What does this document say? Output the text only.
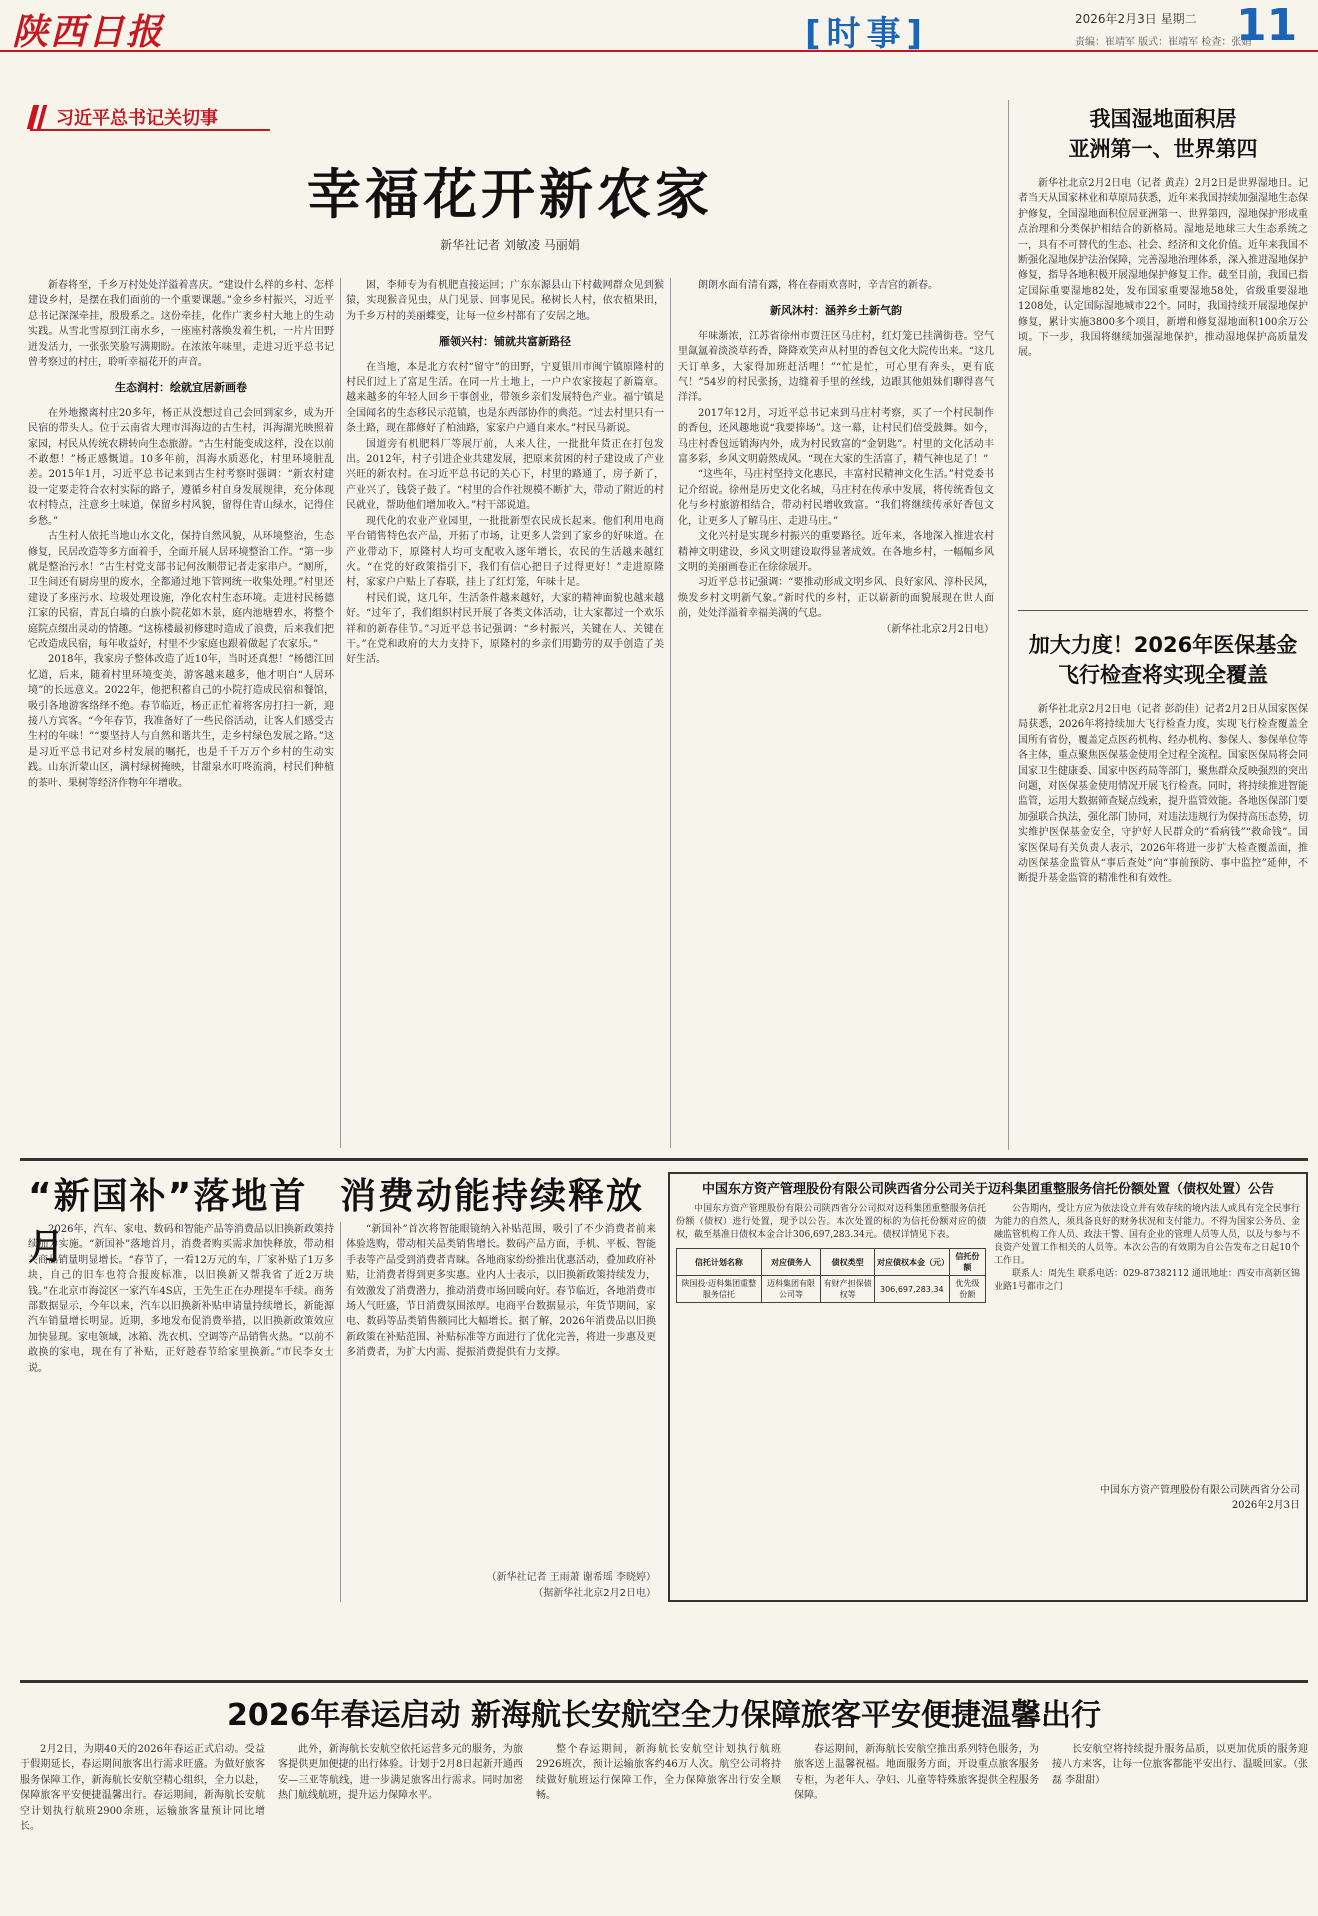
陕西日报	[时事]	2026年2月3日 星期二
责编：崔靖军 版式：崔靖军 检查：张娟
11
习近平总书记关切事
幸福花开新农家
新华社记者 刘敏凌 马丽娟

新春将至，千乡万村处处洋溢着喜庆。“建设什么样的乡村、怎样建设乡村，是摆在我们面前的一个重要课题。”金乡乡村振兴，习近平总书记深深牵挂，殷殷系之。这份牵挂，化作广袤乡村大地上的生动实践。从雪北雪原到江南水乡，一座座村落焕发着生机，一片片田野迸发活力，一张张笑脸写满期盼。在浓浓年味里，走进习近平总书记曾考察过的村庄，聆听幸福花开的声音。

生态润村：绘就宜居新画卷

在外地搬离村庄20多年，杨正从没想过自己会回到家乡，成为开民宿的带头人。位于云南省大理市洱海边的古生村，洱海湖光映照着家园，村民从传统农耕转向生态旅游。“古生村能变成这样，没在以前不敢想！”杨正感慨道。10多年前，洱海水质恶化，村里环境脏乱差。2015年1月，习近平总书记来到古生村考察时强调：“新农村建设一定要走符合农村实际的路子，遵循乡村自身发展规律，充分体现农村特点，注意乡土味道，保留乡村风貌，留得住青山绿水，记得住乡愁。”

古生村人依托当地山水文化，保持自然风貌，从环境整治，生态修复，民居改造等多方面着手，全面开展人居环境整治工作。“第一步就是整治污水！”古生村党支部书记何汝顺带记者走家串户。“厕所，卫生间还有厨房里的废水，全都通过地下管网统一收集处理。”村里还建设了多座污水、垃圾处理设施，净化农村生态环境。走进村民杨德江家的民宿，青瓦白墙的白族小院花如木景，庭内池塘碧水，将整个庭院点缀出灵动的情趣。“这栋楼最初修建时造成了浪费，后来我们把它改造成民宿，每年收益好，村里不少家庭也跟着做起了农家乐。”

2018年，我家房子整体改造了近10年，当时还真想！”杨德江回忆道，后来，随着村里环境变美，游客越来越多，他才明白“人居环境”的长远意义。2022年，他把积蓄自己的小院打造成民宿和餐馆，吸引各地游客络绎不绝。春节临近，杨正正忙着将客房打扫一新，迎接八方宾客。“今年春节，我准备好了一些民俗活动，让客人们感受古生村的年味！”“要坚持人与自然和谐共生，走乡村绿色发展之路。”这是习近平总书记对乡村发展的嘱托，也是千千万万个乡村的生动实践。山东沂蒙山区，满村绿树掩映，甘甜泉水叮咚流淌，村民们种植的茶叶、果树等经济作物年年增收。

困，李师专为有机肥直接运回；广东东源县山下村截网群众见到猴猿，实现猴音见虫，从门见景、回事见民。秘树长人村，依农植果田，为千乡万村的美丽蝶变，让每一位乡村都有了安居之地。

雁领兴村：铺就共富新路径

在当地，本是北方农村“留守”的田野，宁夏银川市闽宁镇原隆村的村民们过上了富足生活。在同一片土地上，一户户农家接起了新篇章。越来越多的年轻人回乡干事创业，带领乡亲们发展特色产业。福宁镇是全国闻名的生态移民示范镇，也是东西部协作的典范。“过去村里只有一条土路，现在都修好了柏油路，家家户户通自来水。”村民马新说。

国道旁有机肥料厂等展厅前，人来人往，一批批年货正在打包发出。2012年，村子引进企业共建发展，把原来贫困的村子建设成了产业兴旺的新农村。在习近平总书记的关心下，村里的路通了，房子新了，产业兴了，钱袋子鼓了。“村里的合作社规模不断扩大，带动了附近的村民就业，帮助他们增加收入。”村干部说道。

现代化的农业产业园里，一批批新型农民成长起来。他们利用电商平台销售特色农产品，开拓了市场，让更多人尝到了家乡的好味道。在产业带动下，原隆村人均可支配收入逐年增长，农民的生活越来越红火。“在党的好政策指引下，我们有信心把日子过得更好！”走进原隆村，家家户户贴上了春联，挂上了红灯笼，年味十足。

村民们说，这几年，生活条件越来越好，大家的精神面貌也越来越好。“过年了，我们组织村民开展了各类文体活动，让大家都过一个欢乐祥和的新春佳节。”习近平总书记强调：“乡村振兴，关键在人、关键在干。”在党和政府的大力支持下，原隆村的乡亲们用勤劳的双手创造了美好生活。

朗朗水面有清有露，将在春雨欢喜时，辛吉宫的新春。

新风沐村：涵养乡土新气韵

年味渐浓，江苏省徐州市贾汪区马庄村，红灯笼已挂满街巷。空气里氤氲着淡淡草药香，降降欢笑声从村里的香包文化大院传出来。“这几天订单多，大家得加班赶活哩！”“忙是忙，可心里有奔头，更有底气！”54岁的村民张扬，边缝着手里的丝线，边跟其他姐妹们聊得喜气洋洋。

2017年12月，习近平总书记来到马庄村考察，买了一个村民制作的香包，还风趣地说“我要捧场”。这一幕，让村民们倍受鼓舞。如今，马庄村香包远销海内外，成为村民致富的“金钥匙”。村里的文化活动丰富多彩，乡风文明蔚然成风。“现在大家的生活富了，精气神也足了！”

“这些年，马庄村坚持文化惠民，丰富村民精神文化生活。”村党委书记介绍说。徐州是历史文化名城，马庄村在传承中发展，将传统香包文化与乡村旅游相结合，带动村民增收致富。“我们将继续传承好香包文化，让更多人了解马庄、走进马庄。”

文化兴村是实现乡村振兴的重要路径。近年来，各地深入推进农村精神文明建设，乡风文明建设取得显著成效。在各地乡村，一幅幅乡风文明的美丽画卷正在徐徐展开。

习近平总书记强调：“要推动形成文明乡风、良好家风、淳朴民风，焕发乡村文明新气象。”新时代的乡村，正以崭新的面貌展现在世人面前，处处洋溢着幸福美满的气息。

（新华社北京2月2日电）

我国湿地面积居
亚洲第一、世界第四

新华社北京2月2日电（记者 黄垚）2月2日是世界湿地日。记者当天从国家林业和草原局获悉，近年来我国持续加强湿地生态保护修复，全国湿地面积位居亚洲第一、世界第四，湿地保护形成重点治理和分类保护相结合的新格局。湿地是地球三大生态系统之一，具有不可替代的生态、社会、经济和文化价值。近年来我国不断强化湿地保护法治保障，完善湿地治理体系，深入推进湿地保护修复，指导各地积极开展湿地保护修复工作。截至目前，我国已指定国际重要湿地82处，发布国家重要湿地58处，省级重要湿地1208处，认定国际湿地城市22个。同时，我国持续开展湿地保护修复，累计实施3800多个项目，新增和修复湿地面积100余万公顷。下一步，我国将继续加强湿地保护，推动湿地保护高质量发展。

加大力度！2026年医保基金
飞行检查将实现全覆盖

新华社北京2月2日电（记者 彭韵佳）记者2月2日从国家医保局获悉，2026年将持续加大飞行检查力度，实现飞行检查覆盖全国所有省份，覆盖定点医药机构、经办机构、参保人、参保单位等各主体，重点聚焦医保基金使用全过程全流程。国家医保局将会同国家卫生健康委、国家中医药局等部门，聚焦群众反映强烈的突出问题，对医保基金使用情况开展飞行检查。同时，将持续推进智能监管，运用大数据筛查疑点线索，提升监管效能。各地医保部门要加强联合执法，强化部门协同，对违法违规行为保持高压态势，切实维护医保基金安全，守护好人民群众的“看病钱”“救命钱”。国家医保局有关负责人表示，2026年将进一步扩大检查覆盖面，推动医保基金监管从“事后查处”向“事前预防、事中监控”延伸，不断提升基金监管的精准性和有效性。

“新国补”落地首月
消费动能持续释放

2026年，汽车、家电、数码和智能产品等消费品以旧换新政策持续加力实施。“新国补”落地首月，消费者购买需求加快释放，带动相关商品销量明显增长。“春节了，一看12万元的车，厂家补贴了1万多块，自己的旧车也符合报废标准，以旧换新又帮我省了近2万块钱。”在北京市海淀区一家汽车4S店，王先生正在办理提车手续。商务部数据显示，今年以来，汽车以旧换新补贴申请量持续增长，新能源汽车销量增长明显。近期，多地发布促消费举措，以旧换新政策效应加快显现。家电领域，冰箱、洗衣机、空调等产品销售火热。“以前不敢换的家电，现在有了补贴，正好趁春节给家里换新。”市民李女士说。

“新国补”首次将智能眼镜纳入补贴范围，吸引了不少消费者前来体验选购，带动相关品类销售增长。数码产品方面，手机、平板、智能手表等产品受到消费者青睐。各地商家纷纷推出优惠活动，叠加政府补贴，让消费者得到更多实惠。业内人士表示，以旧换新政策持续发力，有效激发了消费潜力，推动消费市场回暖向好。春节临近，各地消费市场人气旺盛，节日消费氛围浓厚。电商平台数据显示，年货节期间，家电、数码等品类销售额同比大幅增长。据了解，2026年消费品以旧换新政策在补贴范围、补贴标准等方面进行了优化完善，将进一步惠及更多消费者，为扩大内需、提振消费提供有力支撑。

（新华社记者 王雨萧 谢希瑶 李晓婷）
（据新华社北京2月2日电）
中国东方资产管理股份有限公司陕西省分公司关于迈科集团重整服务信托份额处置（债权处置）公告

中国东方资产管理股份有限公司陕西省分公司拟对迈科集团重整服务信托份额（债权）进行处置，现予以公告。本次处置的标的为信托份额对应的债权，截至基准日债权本金合计306,697,283.34元。债权详情见下表。

信托计划名称	对应债务人	债权类型	对应债权本金（元）	信托份额
陕国投·迈科集团重整服务信托	迈科集团有限公司等	有财产担保债权等	306,697,283.34	优先级份额

公告期内，受让方应为依法设立并有效存续的境内法人或具有完全民事行为能力的自然人，须具备良好的财务状况和支付能力。不得为国家公务员、金融监管机构工作人员、政法干警、国有企业的管理人员等人员，以及与参与不良资产处置工作相关的人员等。本次公告的有效期为自公告发布之日起10个工作日。

联系人：周先生 联系电话：029-87382112 通讯地址：西安市高新区锦业路1号都市之门

中国东方资产管理股份有限公司陕西省分公司
2026年2月3日
2026年春运启动 新海航长安航空全力保障旅客平安便捷温馨出行

2月2日，为期40天的2026年春运正式启动。受益于假期延长，春运期间旅客出行需求旺盛。为做好旅客服务保障工作，新海航长安航空精心组织，全力以赴，保障旅客平安便捷温馨出行。春运期间，新海航长安航空计划执行航班2900余班，运输旅客量预计同比增长。

此外，新海航长安航空依托运营多元的服务，为旅客提供更加便捷的出行体验。计划于2月8日起新开通西安—三亚等航线，进一步满足旅客出行需求。同时加密热门航线航班，提升运力保障水平。

整个春运期间，新海航长安航空计划执行航班2926班次，预计运输旅客约46万人次。航空公司将持续做好航班运行保障工作，全力保障旅客出行安全顺畅。

春运期间，新海航长安航空推出系列特色服务，为旅客送上温馨祝福。地面服务方面，开设重点旅客服务专柜，为老年人、孕妇、儿童等特殊旅客提供全程服务保障。

长安航空将持续提升服务品质，以更加优质的服务迎接八方来客，让每一位旅客都能平安出行、温暖回家。（张磊 李甜甜）
